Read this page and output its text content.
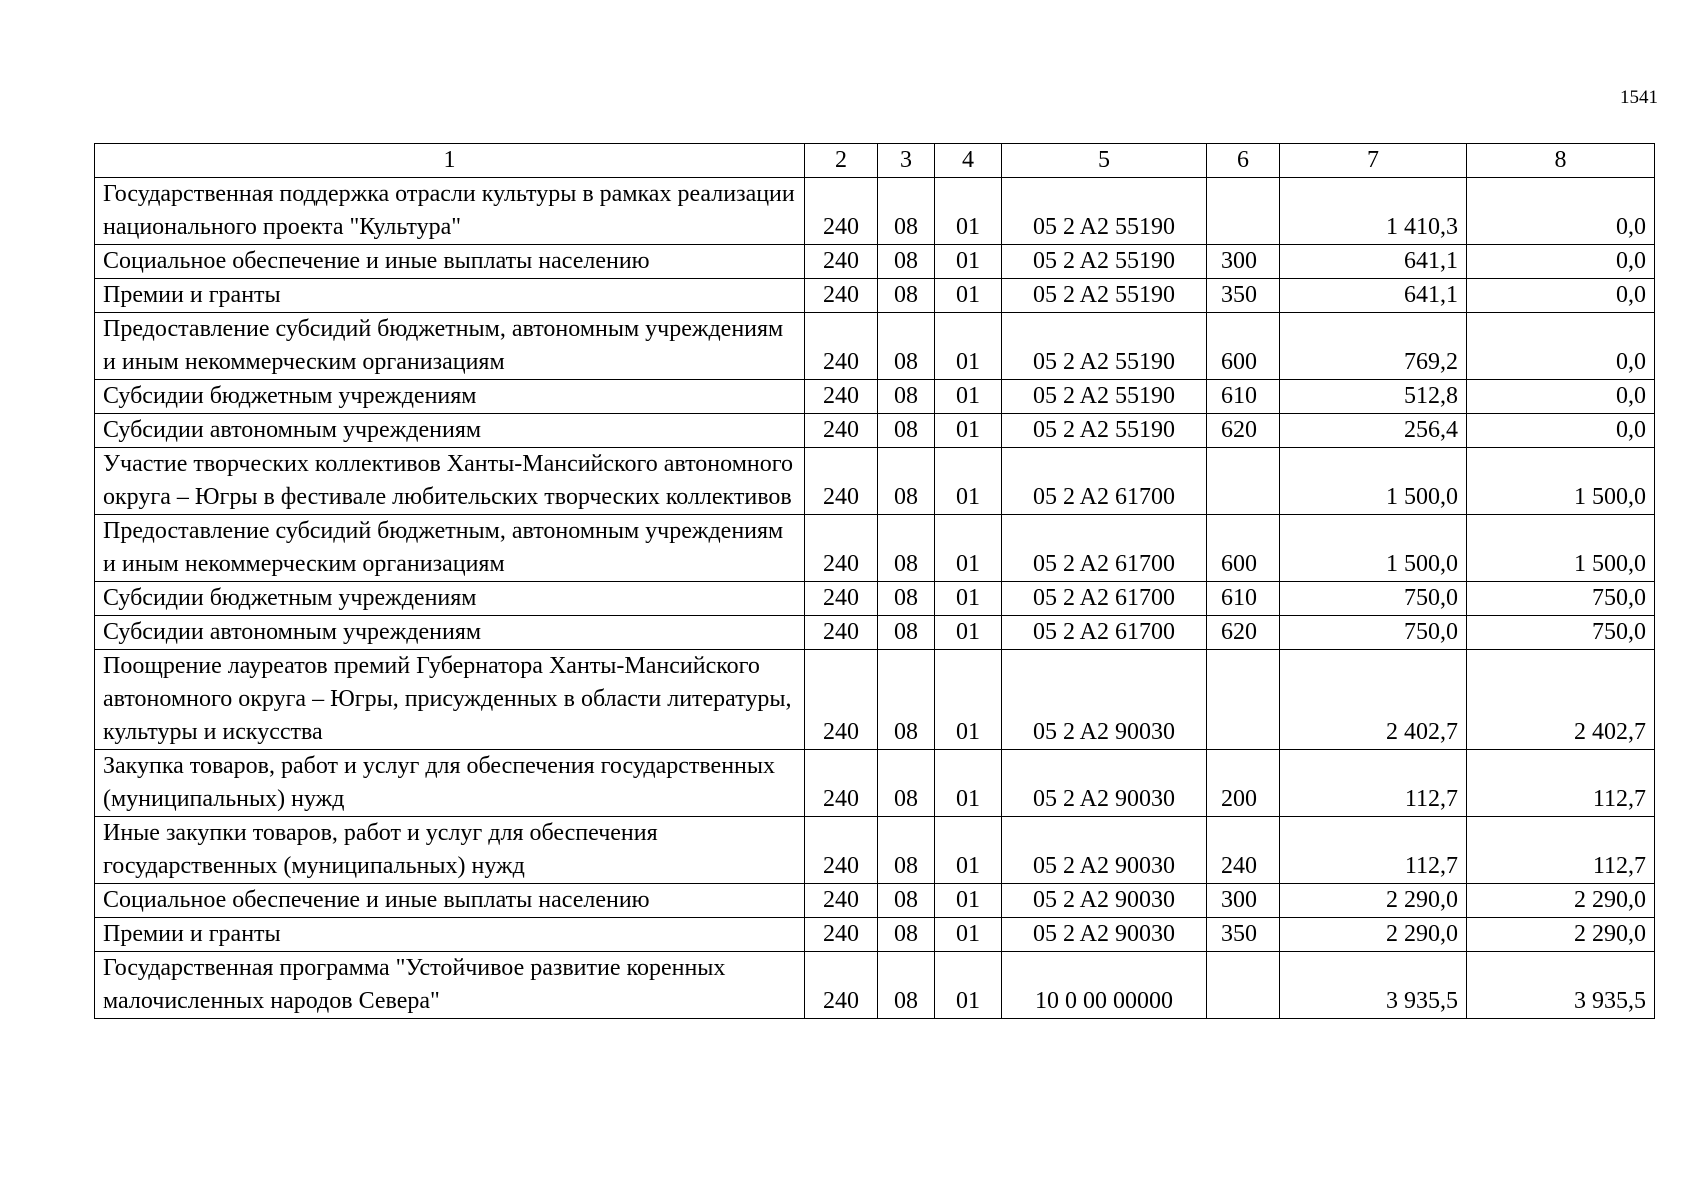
1541
1	2	3	4	5	6	7	8
Государственная поддержка отрасли культуры в рамках реализации национального проекта "Культура"	240	08	01	05 2 A2 55190		1 410,3	0,0
Социальное обеспечение и иные выплаты населению	240	08	01	05 2 A2 55190	300	641,1	0,0
Премии и гранты	240	08	01	05 2 A2 55190	350	641,1	0,0
Предоставление субсидий бюджетным, автономным учреждениям и иным некоммерческим организациям	240	08	01	05 2 A2 55190	600	769,2	0,0
Субсидии бюджетным учреждениям	240	08	01	05 2 A2 55190	610	512,8	0,0
Субсидии автономным учреждениям	240	08	01	05 2 A2 55190	620	256,4	0,0
Участие творческих коллективов Ханты-Мансийского автономного округа – Югры в фестивале любительских творческих коллективов	240	08	01	05 2 A2 61700		1 500,0	1 500,0
Предоставление субсидий бюджетным, автономным учреждениям и иным некоммерческим организациям	240	08	01	05 2 A2 61700	600	1 500,0	1 500,0
Субсидии бюджетным учреждениям	240	08	01	05 2 A2 61700	610	750,0	750,0
Субсидии автономным учреждениям	240	08	01	05 2 A2 61700	620	750,0	750,0
Поощрение лауреатов премий Губернатора Ханты-Мансийского автономного округа – Югры, присужденных в области литературы, культуры и искусства	240	08	01	05 2 A2 90030		2 402,7	2 402,7
Закупка товаров, работ и услуг для обеспечения государственных (муниципальных) нужд	240	08	01	05 2 A2 90030	200	112,7	112,7
Иные закупки товаров, работ и услуг для обеспечения государственных (муниципальных) нужд	240	08	01	05 2 A2 90030	240	112,7	112,7
Социальное обеспечение и иные выплаты населению	240	08	01	05 2 A2 90030	300	2 290,0	2 290,0
Премии и гранты	240	08	01	05 2 A2 90030	350	2 290,0	2 290,0
Государственная программа "Устойчивое развитие коренных малочисленных народов Севера"	240	08	01	10 0 00 00000		3 935,5	3 935,5
